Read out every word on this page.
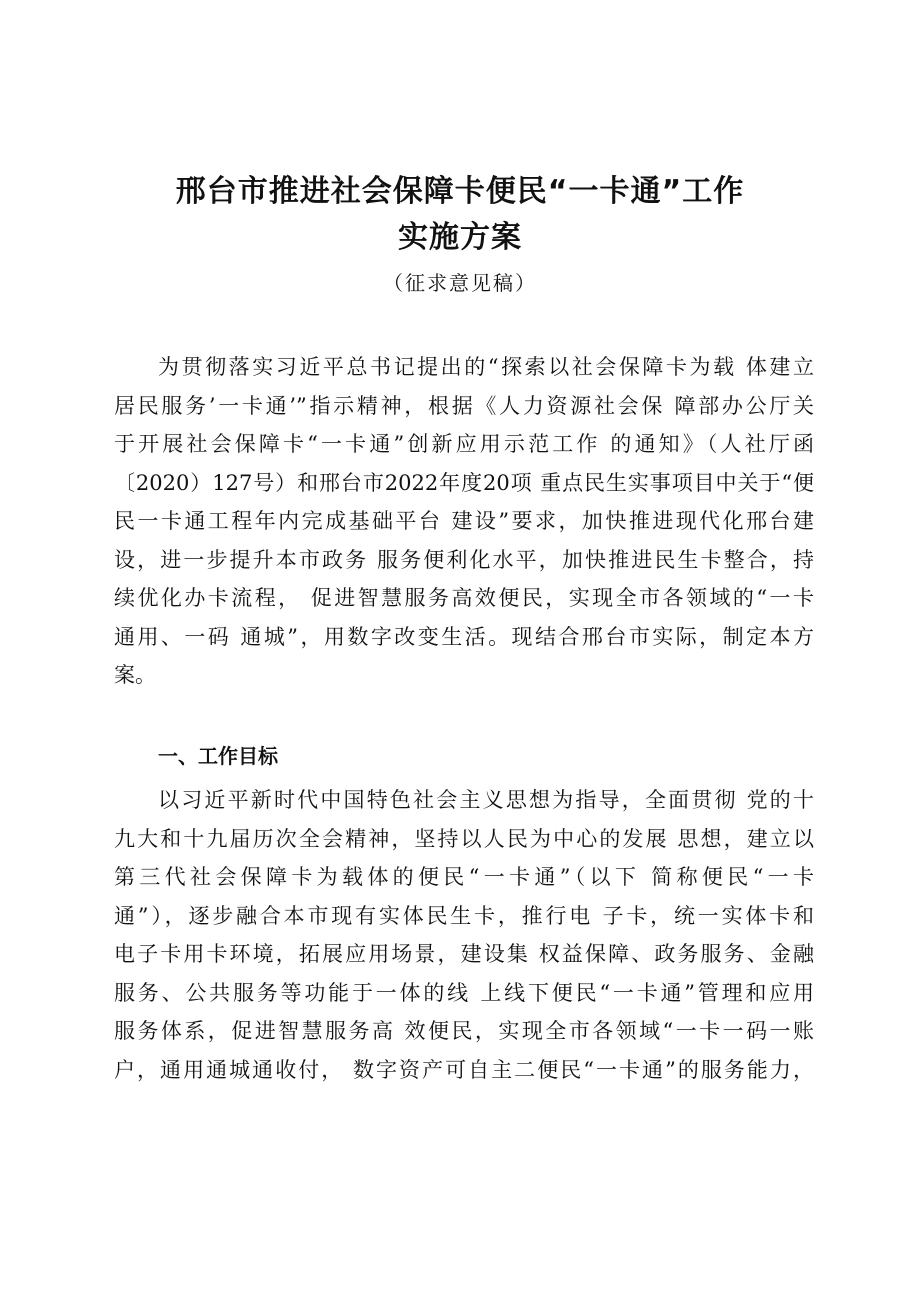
邢台市推进社会保障卡便民“一卡通”工作
实施方案
（征求意见稿）
为贯彻落实习近平总书记提出的“探索以社会保障卡为载 体建立
居民服务’一卡通’”指示精神，根据《人力资源社会保 障部办公厅关
于开展社会保障卡“一卡通”创新应用示范工作 的通知》（人社厅函
〔2020）127号）和邢台市2022年度20项 重点民生实事项目中关于“便
民一卡通工程年内完成基础平台 建设”要求，加快推进现代化邢台建
设，进一步提升本市政务 服务便利化水平，加快推进民生卡整合，持
续优化办卡流程， 促进智慧服务高效便民，实现全市各领域的“一卡
通用、一码 通城”，用数字改变生活。现结合邢台市实际，制定本方
案。
一、工作目标
以习近平新时代中国特色社会主义思想为指导，全面贯彻 党的十
九大和十九届历次全会精神，坚持以人民为中心的发展 思想，建立以
第三代社会保障卡为载体的便民“一卡通”（以下 简称便民“一卡
通”），逐步融合本市现有实体民生卡，推行电 子卡，统一实体卡和
电子卡用卡环境，拓展应用场景，建设集 权益保障、政务服务、金融
服务、公共服务等功能于一体的线 上线下便民“一卡通”管理和应用
服务体系，促进智慧服务高 效便民，实现全市各领域“一卡一码一账
户，通用通城通收付， 数字资产可自主二便民“一卡通”的服务能力，
